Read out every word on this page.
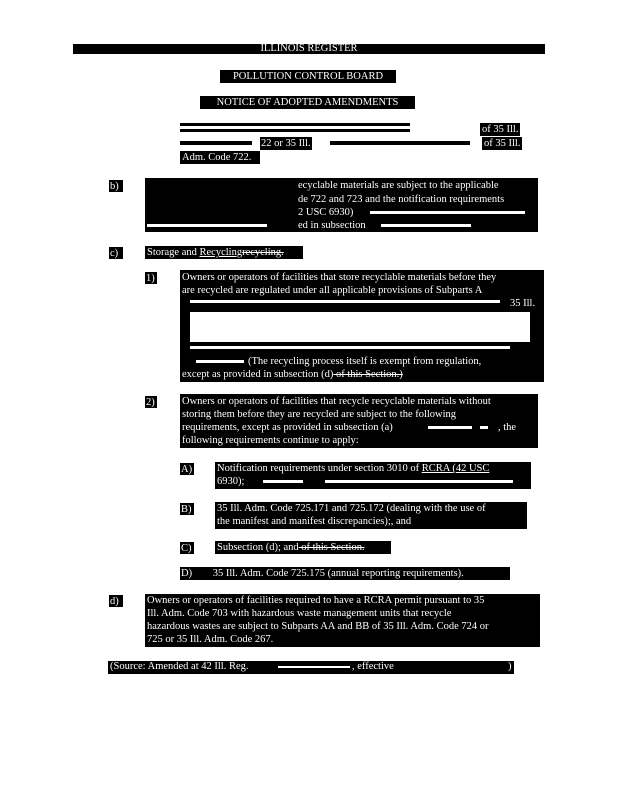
ILLINOIS REGISTER
POLLUTION CONTROL BOARD
NOTICE OF ADOPTED AMENDMENTS
of 35 Ill.
22 or 35 Ill.	of 35 Ill.
Adm. Code 722.
b)	ecyclable materials are subject to the applicable
de 722 and 723 and the notification requirements
2 USC 6930)
ed in subsection
c)	Storage and Recyclingrecycling.
1)	Owners or operators of facilities that store recyclable materials before they
are recycled are regulated under all applicable provisions of Subparts A
35 Ill.
(The recycling process itself is exempt from regulation,
except as provided in subsection (d) of this Section.)
2)	Owners or operators of facilities that recycle recyclable materials without
storing them before they are recycled are subject to the following
requirements, except as provided in subsection (a)	, the
following requirements continue to apply:
A) Notification requirements under section 3010 of RCRA (42 USC
6930);
B) 35 Ill. Adm. Code 725.171 and 725.172 (dealing with the use of
the manifest and manifest discrepancies);, and
C) Subsection (d); and of this Section.
D) 35 Ill. Adm. Code 725.175 (annual reporting requirements).
d)	Owners or operators of facilities required to have a RCRA permit pursuant to 35
Ill. Adm. Code 703 with hazardous waste management units that recycle
hazardous wastes are subject to Subparts AA and BB of 35 Ill. Adm. Code 724 or
725 or 35 Ill. Adm. Code 267.
(Source: Amended at 42 Ill. Reg.	, effective	)
